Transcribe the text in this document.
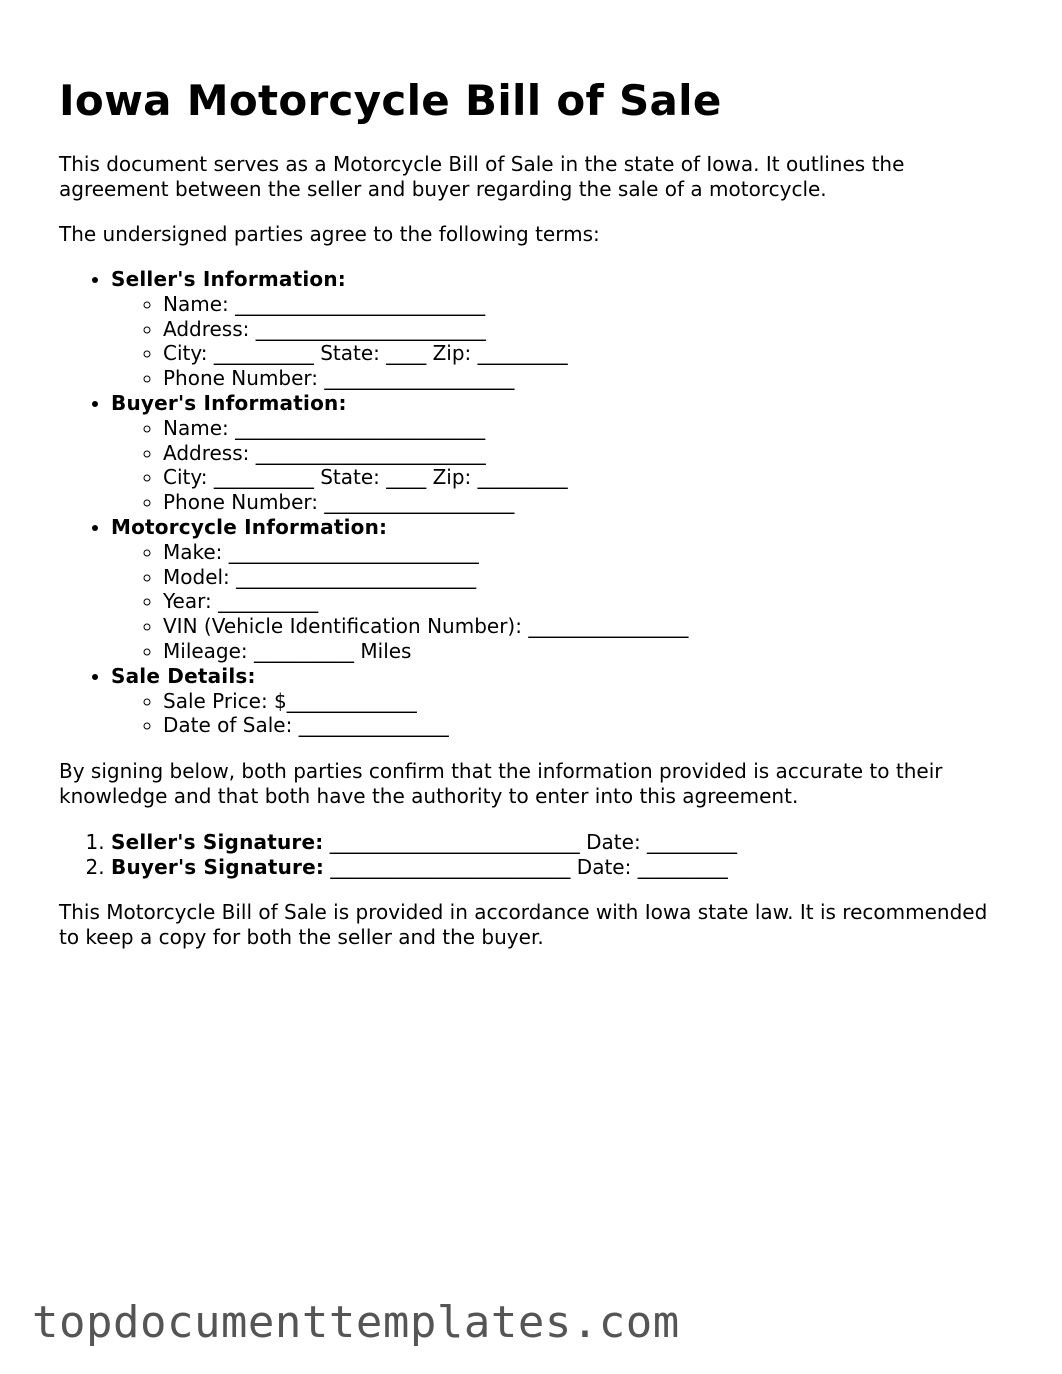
Iowa Motorcycle Bill of Sale

This document serves as a Motorcycle Bill of Sale in the state of Iowa. It outlines the agreement between the seller and buyer regarding the sale of a motorcycle.

The undersigned parties agree to the following terms:

• Seller's Information:
◦ Name: _________________________
◦ Address: _______________________
◦ City: __________ State: ____ Zip: _________
◦ Phone Number: ___________________
• Buyer's Information:
◦ Name: _________________________
◦ Address: _______________________
◦ City: __________ State: ____ Zip: _________
◦ Phone Number: ___________________
• Motorcycle Information:
◦ Make: _________________________
◦ Model: ________________________
◦ Year: __________
◦ VIN (Vehicle Identification Number): ________________
◦ Mileage: __________ Miles
• Sale Details:
◦ Sale Price: $_____________
◦ Date of Sale: _______________

By signing below, both parties confirm that the information provided is accurate to their knowledge and that both have the authority to enter into this agreement.

1. Seller's Signature: _________________________ Date: _________
2. Buyer's Signature: ________________________ Date: _________

This Motorcycle Bill of Sale is provided in accordance with Iowa state law. It is recommended to keep a copy for both the seller and the buyer.

topdocumenttemplates.com
